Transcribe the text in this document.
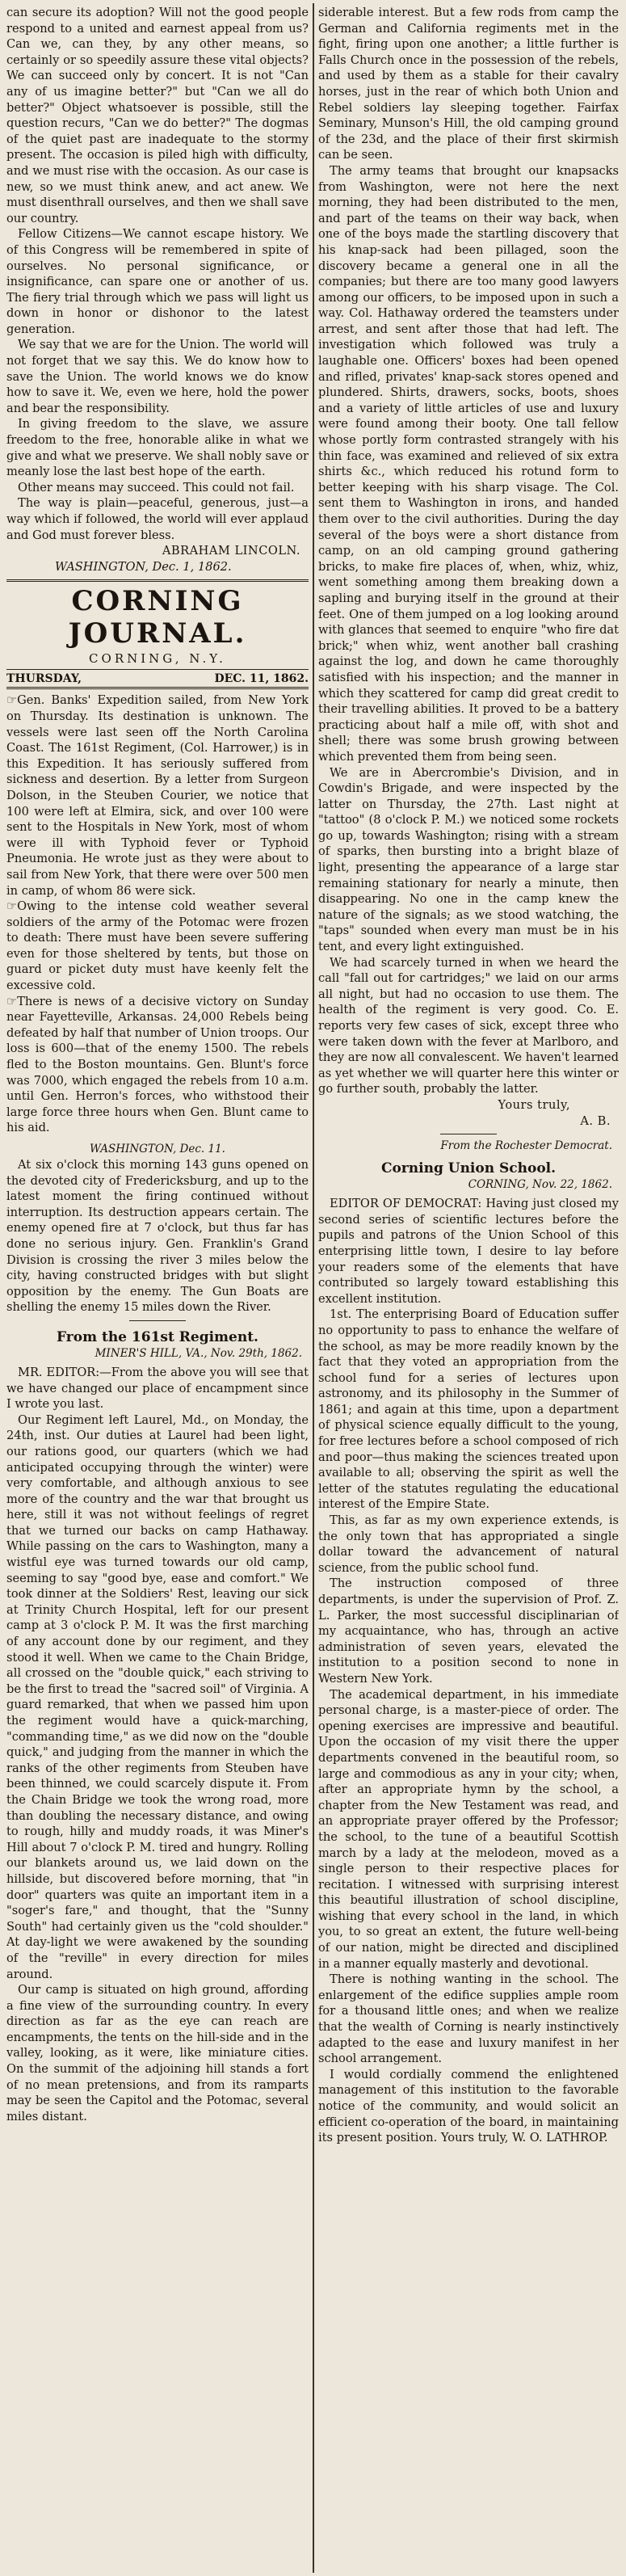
can secure its adoption? Will not the good people respond to a united and earnest appeal from us? Can we, can they, by any other means, so certainly or so speedily assure these vital objects? We can succeed only by concert. It is not "Can any of us imagine better?" but "Can we all do better?" Object whatsoever is possible, still the question recurs, "Can we do better?" The dogmas of the quiet past are inadequate to the stormy present. The occasion is piled high with difficulty, and we must rise with the occasion. As our case is new, so we must think anew, and act anew. We must disenthrall ourselves, and then we shall save our country.

Fellow Citizens—We cannot escape history. We of this Congress will be remembered in spite of ourselves. No personal significance, or insignificance, can spare one or another of us. The fiery trial through which we pass will light us down in honor or dishonor to the latest generation.

We say that we are for the Union. The world will not forget that we say this. We do know how to save the Union. The world knows we do know how to save it. We, even we here, hold the power and bear the responsibility.

In giving freedom to the slave, we assure freedom to the free, honorable alike in what we give and what we preserve. We shall nobly save or meanly lose the last best hope of the earth.

Other means may succeed. This could not fail.

The way is plain—peaceful, generous, just—a way which if followed, the world will ever applaud and God must forever bless.

ABRAHAM LINCOLN.

WASHINGTON, Dec. 1, 1862.

CORNING JOURNAL.
CORNING, N.Y.
THURSDAY,	DEC. 11, 1862.

☞ Gen. Banks' Expedition sailed, from New York on Thursday. Its destination is unknown. The vessels were last seen off the North Carolina Coast. The 161st Regiment, (Col. Harrower,) is in this Expedition. It has seriously suffered from sickness and desertion. By a letter from Surgeon Dolson, in the Steuben Courier, we notice that 100 were left at Elmira, sick, and over 100 were sent to the Hospitals in New York, most of whom were ill with Typhoid fever or Typhoid Pneumonia. He wrote just as they were about to sail from New York, that there were over 500 men in camp, of whom 86 were sick.

☞ Owing to the intense cold weather several soldiers of the army of the Potomac were frozen to death: There must have been severe suffering even for those sheltered by tents, but those on guard or picket duty must have keenly felt the excessive cold.

☞ There is news of a decisive victory on Sunday near Fayetteville, Arkansas. 24,000 Rebels being defeated by half that number of Union troops. Our loss is 600—that of the enemy 1500. The rebels fled to the Boston mountains. Gen. Blunt's force was 7000, which engaged the rebels from 10 a.m. until Gen. Herron's forces, who withstood their large force three hours when Gen. Blunt came to his aid.

WASHINGTON, Dec. 11.

At six o'clock this morning 143 guns opened on the devoted city of Fredericksburg, and up to the latest moment the firing continued without interruption. Its destruction appears certain. The enemy opened fire at 7 o'clock, but thus far has done no serious injury. Gen. Franklin's Grand Division is crossing the river 3 miles below the city, having constructed bridges with but slight opposition by the enemy. The Gun Boats are shelling the enemy 15 miles down the River.

From the 161st Regiment.
MINER'S HILL, VA., Nov. 29th, 1862.

MR. EDITOR:—From the above you will see that we have changed our place of encampment since I wrote you last.

Our Regiment left Laurel, Md., on Monday, the 24th, inst. Our duties at Laurel had been light, our rations good, our quarters (which we had anticipated occupying through the winter) were very comfortable, and although anxious to see more of the country and the war that brought us here, still it was not without feelings of regret that we turned our backs on camp Hathaway. While passing on the cars to Washington, many a wistful eye was turned towards our old camp, seeming to say "good bye, ease and comfort." We took dinner at the Soldiers' Rest, leaving our sick at Trinity Church Hospital, left for our present camp at 3 o'clock P. M. It was the first marching of any account done by our regiment, and they stood it well. When we came to the Chain Bridge, all crossed on the "double quick," each striving to be the first to tread the "sacred soil" of Virginia. A guard remarked, that when we passed him upon the regiment would have a quick-marching, "commanding time," as we did now on the "double quick," and judging from the manner in which the ranks of the other regiments from Steuben have been thinned, we could scarcely dispute it. From the Chain Bridge we took the wrong road, more than doubling the necessary distance, and owing to rough, hilly and muddy roads, it was Miner's Hill about 7 o'clock P. M. tired and hungry. Rolling our blankets around us, we laid down on the hillside, but discovered before morning, that "in door" quarters was quite an important item in a "soger's fare," and thought, that the "Sunny South" had certainly given us the "cold shoulder." At day-light we were awakened by the sounding of the "reville" in every direction for miles around.

Our camp is situated on high ground, affording a fine view of the surrounding country. In every direction as far as the eye can reach are encampments, the tents on the hill-side and in the valley, looking, as it were, like miniature cities. On the summit of the adjoining hill stands a fort of no mean pretensions, and from its ramparts may be seen the Capitol and the Potomac, several miles distant.

siderable interest. But a few rods from camp the German and California regiments met in the fight, firing upon one another; a little further is Falls Church once in the possession of the rebels, and used by them as a stable for their cavalry horses, just in the rear of which both Union and Rebel soldiers lay sleeping together. Fairfax Seminary, Munson's Hill, the old camping ground of the 23d, and the place of their first skirmish can be seen.

The army teams that brought our knapsacks from Washington, were not here the next morning, they had been distributed to the men, and part of the teams on their way back, when one of the boys made the startling discovery that his knap-sack had been pillaged, soon the discovery became a general one in all the companies; but there are too many good lawyers among our officers, to be imposed upon in such a way. Col. Hathaway ordered the teamsters under arrest, and sent after those that had left. The investigation which followed was truly a laughable one. Officers' boxes had been opened and rifled, privates' knap-sack stores opened and plundered. Shirts, drawers, socks, boots, shoes and a variety of little articles of use and luxury were found among their booty. One tall fellow whose portly form contrasted strangely with his thin face, was examined and relieved of six extra shirts &c., which reduced his rotund form to better keeping with his sharp visage. The Col. sent them to Washington in irons, and handed them over to the civil authorities. During the day several of the boys were a short distance from camp, on an old camping ground gathering bricks, to make fire places of, when, whiz, whiz, went something among them breaking down a sapling and burying itself in the ground at their feet. One of them jumped on a log looking around with glances that seemed to enquire "who fire dat brick;" when whiz, went another ball crashing against the log, and down he came thoroughly satisfied with his inspection; and the manner in which they scattered for camp did great credit to their travelling abilities. It proved to be a battery practicing about half a mile off, with shot and shell; there was some brush growing between which prevented them from being seen.

We are in Abercrombie's Division, and in Cowdin's Brigade, and were inspected by the latter on Thursday, the 27th. Last night at "tattoo" (8 o'clock P. M.) we noticed some rockets go up, towards Washington; rising with a stream of sparks, then bursting into a bright blaze of light, presenting the appearance of a large star remaining stationary for nearly a minute, then disappearing. No one in the camp knew the nature of the signals; as we stood watching, the "taps" sounded when every man must be in his tent, and every light extinguished.

We had scarcely turned in when we heard the call "fall out for cartridges;" we laid on our arms all night, but had no occasion to use them. The health of the regiment is very good. Co. E. reports very few cases of sick, except three who were taken down with the fever at Marlboro, and they are now all convalescent. We haven't learned as yet whether we will quarter here this winter or go further south, probably the latter.

Yours truly,

A. B.

From the Rochester Democrat.
Corning Union School.
CORNING, Nov. 22, 1862.

EDITOR OF DEMOCRAT: Having just closed my second series of scientific lectures before the pupils and patrons of the Union School of this enterprising little town, I desire to lay before your readers some of the elements that have contributed so largely toward establishing this excellent institution.

1st. The enterprising Board of Education suffer no opportunity to pass to enhance the welfare of the school, as may be more readily known by the fact that they voted an appropriation from the school fund for a series of lectures upon astronomy, and its philosophy in the Summer of 1861; and again at this time, upon a department of physical science equally difficult to the young, for free lectures before a school composed of rich and poor—thus making the sciences treated upon available to all; observing the spirit as well the letter of the statutes regulating the educational interest of the Empire State.

This, as far as my own experience extends, is the only town that has appropriated a single dollar toward the advancement of natural science, from the public school fund.

The instruction composed of three departments, is under the supervision of Prof. Z. L. Parker, the most successful disciplinarian of my acquaintance, who has, through an active administration of seven years, elevated the institution to a position second to none in Western New York.

The academical department, in his immediate personal charge, is a master-piece of order. The opening exercises are impressive and beautiful. Upon the occasion of my visit there the upper departments convened in the beautiful room, so large and commodious as any in your city; when, after an appropriate hymn by the school, a chapter from the New Testament was read, and an appropriate prayer offered by the Professor; the school, to the tune of a beautiful Scottish march by a lady at the melodeon, moved as a single person to their respective places for recitation. I witnessed with surprising interest this beautiful illustration of school discipline, wishing that every school in the land, in which you, to so great an extent, the future well-being of our nation, might be directed and disciplined in a manner equally masterly and devotional.

There is nothing wanting in the school. The enlargement of the edifice supplies ample room for a thousand little ones; and when we realize that the wealth of Corning is nearly instinctively adapted to the ease and luxury manifest in her school arrangement.

I would cordially commend the enlightened management of this institution to the favorable notice of the community, and would solicit an efficient co-operation of the board, in maintaining its present position. Yours truly, W. O. LATHROP.
